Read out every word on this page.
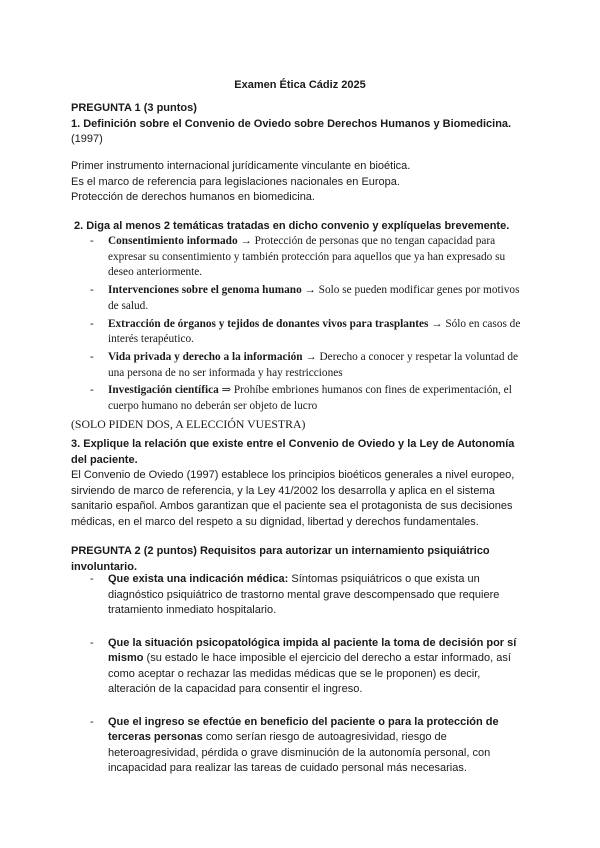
Examen Ética Cádiz 2025

PREGUNTA 1 (3 puntos)

1. Definición sobre el Convenio de Oviedo sobre Derechos Humanos y Biomedicina.

(1997)

Primer instrumento internacional jurídicamente vinculante en bioética.

Es el marco de referencia para legislaciones nacionales en Europa.

Protección de derechos humanos en biomedicina.

2. Diga al menos 2 temáticas tratadas en dicho convenio y explíquelas brevemente.

- Consentimiento informado → Protección de personas que no tengan capacidad para expresar su consentimiento y también protección para aquellos que ya han expresado su deseo anteriormente.
- Intervenciones sobre el genoma humano → Solo se pueden modificar genes por motivos de salud.
- Extracción de órganos y tejidos de donantes vivos para trasplantes → Sólo en casos de interés terapéutico.
- Vida privada y derecho a la información → Derecho a conocer y respetar la voluntad de una persona de no ser informada y hay restricciones
- Investigación científica ⇒ Prohíbe embriones humanos con fines de experimentación, el cuerpo humano no deberán ser objeto de lucro

(SOLO PIDEN DOS, A ELECCIÓN VUESTRA)

3. Explique la relación que existe entre el Convenio de Oviedo y la Ley de Autonomía del paciente.

El Convenio de Oviedo (1997) establece los principios bioéticos generales a nivel europeo, sirviendo de marco de referencia, y la Ley 41/2002 los desarrolla y aplica en el sistema sanitario español. Ambos garantizan que el paciente sea el protagonista de sus decisiones médicas, en el marco del respeto a su dignidad, libertad y derechos fundamentales.

PREGUNTA 2 (2 puntos) Requisitos para autorizar un internamiento psiquiátrico involuntario.

- Que exista una indicación médica: Síntomas psiquiátricos o que exista un diagnóstico psiquiátrico de trastorno mental grave descompensado que requiere tratamiento inmediato hospitalario.
- Que la situación psicopatológica impida al paciente la toma de decisión por sí mismo (su estado le hace imposible el ejercicio del derecho a estar informado, así como aceptar o rechazar las medidas médicas que se le proponen) es decir, alteración de la capacidad para consentir el ingreso.
- Que el ingreso se efectúe en beneficio del paciente o para la protección de terceras personas como serían riesgo de autoagresividad, riesgo de heteroagresividad, pérdida o grave disminución de la autonomía personal, con incapacidad para realizar las tareas de cuidado personal más necesarias.
